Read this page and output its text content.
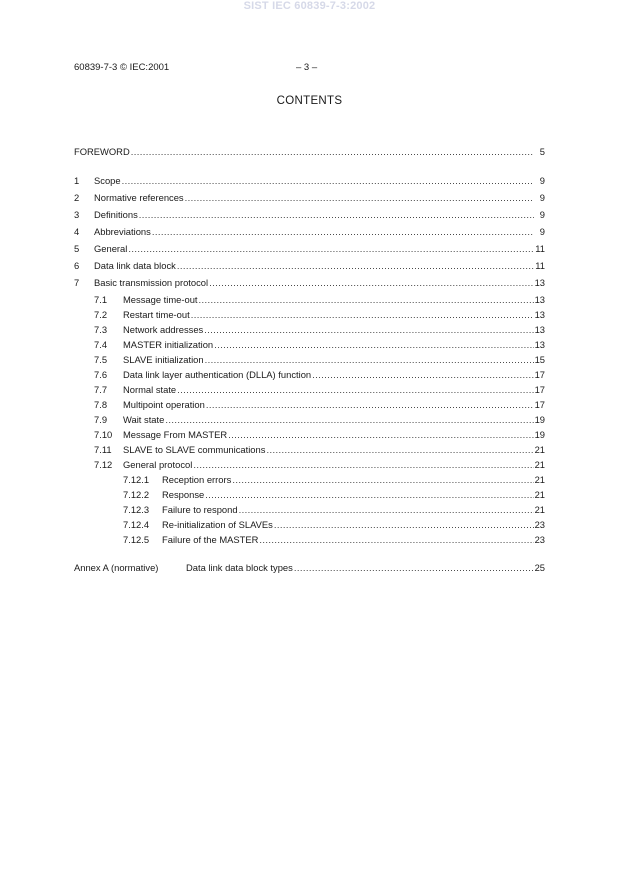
SIST IEC 60839-7-3:2002
60839-7-3 © IEC:2001	– 3 –
CONTENTS
FOREWORD .....	5
1	Scope .....	9
2	Normative references .....	9
3	Definitions .....	9
4	Abbreviations .....	9
5	General .....	11
6	Data link data block .....	11
7	Basic transmission protocol .....	13
7.1	Message time-out .....	13
7.2	Restart time-out .....	13
7.3	Network addresses .....	13
7.4	MASTER initialization .....	13
7.5	SLAVE initialization .....	15
7.6	Data link layer authentication (DLLA) function .....	17
7.7	Normal state .....	17
7.8	Multipoint operation .....	17
7.9	Wait state .....	19
7.10	Message From MASTER .....	19
7.11	SLAVE to SLAVE communications .....	21
7.12	General protocol .....	21
7.12.1	Reception errors .....	21
7.12.2	Response .....	21
7.12.3	Failure to respond .....	21
7.12.4	Re-initialization of SLAVEs .....	23
7.12.5	Failure of the MASTER .....	23
Annex A (normative)	Data link data block types .....	25
